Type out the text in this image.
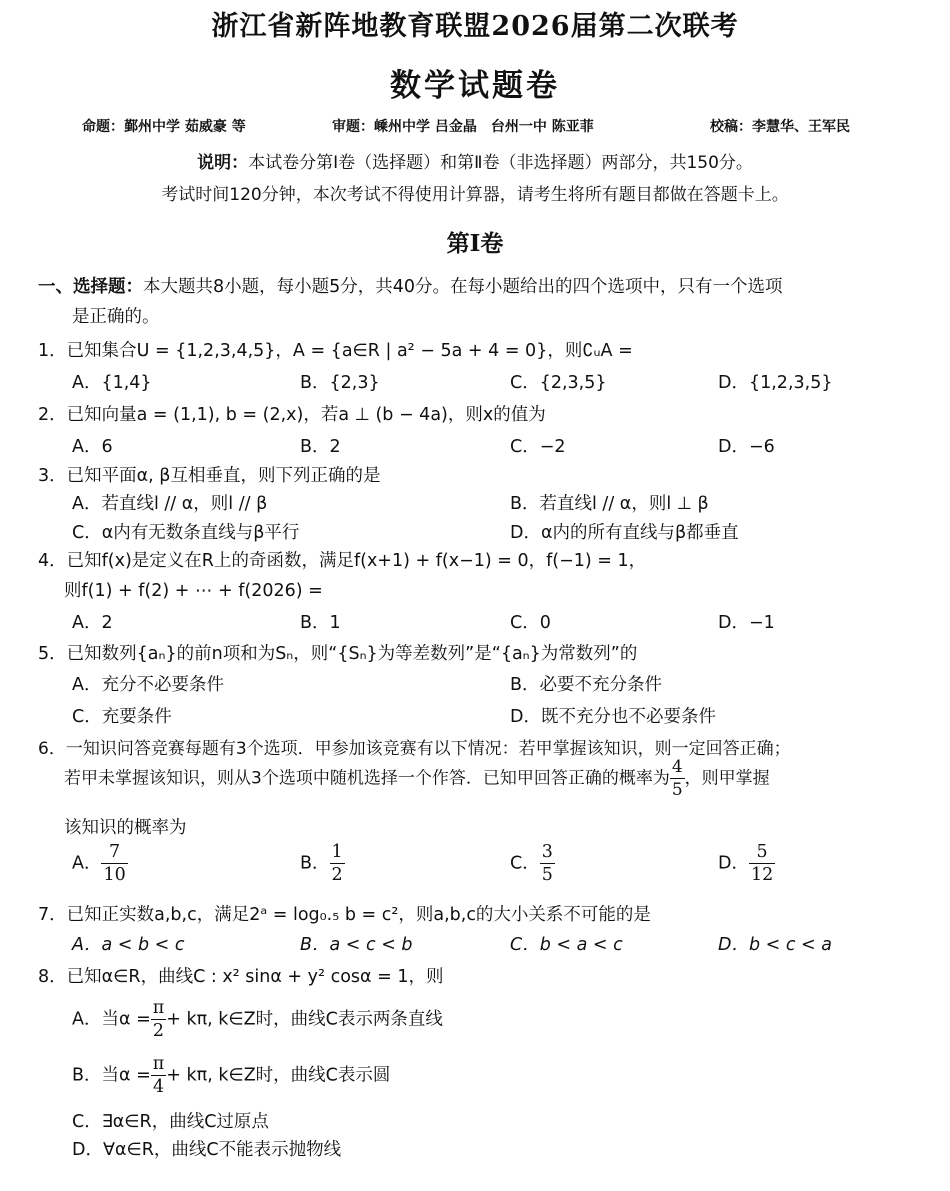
浙江省新阵地教育联盟2026届第二次联考
数学试题卷
命题：鄞州中学 茹威豪 等	审题：嵊州中学 吕金晶　台州一中 陈亚菲	校稿：李慧华、王军民
说明：本试卷分第Ⅰ卷（选择题）和第Ⅱ卷（非选择题）两部分，共150分。
考试时间120分钟，本次考试不得使用计算器，请考生将所有题目都做在答题卡上。
第Ⅰ卷
一、选择题：本大题共8小题，每小题5分，共40分。在每小题给出的四个选项中，只有一个选项
是正确的。
1．已知集合U = {1,2,3,4,5}，A = {a∈R | a² − 5a + 4 = 0}，则∁ᵤA =
A．{1,4}	B．{2,3}	C．{2,3,5}	D．{1,2,3,5}
2．已知向量a = (1,1), b = (2,x)，若a ⊥ (b − 4a)，则x的值为
A．6	B．2	C．−2	D．−6
3．已知平面α, β互相垂直，则下列正确的是
A．若直线l // α，则l // β	B．若直线l // α，则l ⊥ β
C．α内有无数条直线与β平行	D．α内的所有直线与β都垂直
4．已知f(x)是定义在R上的奇函数，满足f(x+1) + f(x−1) = 0，f(−1) = 1，
则f(1) + f(2) + ⋯ + f(2026) =
A．2	B．1	C．0	D．−1
5．已知数列{aₙ}的前n项和为Sₙ，则“{Sₙ}为等差数列”是“{aₙ}为常数列”的
A．充分不必要条件	B．必要不充分条件
C．充要条件	D．既不充分也不必要条件
6．一知识问答竞赛每题有3个选项．甲参加该竞赛有以下情况：若甲掌握该知识，则一定回答正确；
若甲未掌握该知识，则从3个选项中随机选择一个作答．已知甲回答正确的概率为 $\frac{4}{5}$ ，则甲掌握
该知识的概率为
A． $\frac{7}{10}$	B． $\frac{1}{2}$	C． $\frac{3}{5}$	D． $\frac{5}{12}$
7．已知正实数a,b,c，满足2ᵃ = log₀.₅ b = c²，则a,b,c的大小关系不可能的是
A．a < b < c	B．a < c < b	C．b < a < c	D．b < c < a
8．已知α∈R，曲线C : x² sinα + y² cosα = 1，则
A．当$\alpha = \frac{\pi}{2} + k\pi$, k∈Z时，曲线C表示两条直线
B．当$\alpha = \frac{\pi}{4} + k\pi$, k∈Z时，曲线C表示圆
C．∃α∈R，曲线C过原点
D．∀α∈R，曲线C不能表示抛物线
